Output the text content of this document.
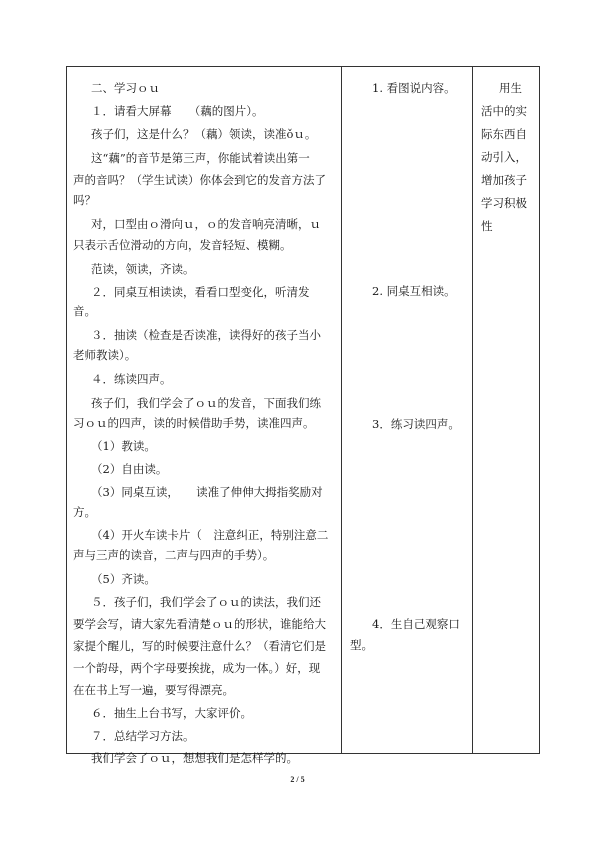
二、学习ｏｕ
１．请看大屏幕　　（藕的图片）。
孩子们，这是什么？（藕）领读，读准ǒｕ。
这“藕”的音节是第三声，你能试着读出第一
声的音吗？（学生试读）你体会到它的发音方法了
吗？
对，口型由ｏ滑向ｕ，ｏ的发音响亮清晰，ｕ
只表示舌位滑动的方向，发音轻短、模糊。
范读，领读，齐读。
２．同桌互相读读，看看口型变化，听清发
音。
３．抽读（检查是否读准，读得好的孩子当小
老师教读）。
４．练读四声。
孩子们，我们学会了ｏｕ的发音，下面我们练
习ｏｕ的四声，读的时候借助手势，读准四声。
（1）教读。
（2）自由读。
（3）同桌互读，　　读准了伸伸大拇指奖励对
方。
（4）开火车读卡片（　注意纠正，特别注意二
声与三声的读音，二声与四声的手势）。
（5）齐读。
５．孩子们，我们学会了ｏｕ的读法，我们还
要学会写，请大家先看清楚ｏｕ的形状，谁能给大
家提个醒儿，写的时候要注意什么？（看清它们是
一个韵母，两个字母要挨拢，成为一体。）好，现
在在书上写一遍，要写得漂亮。
６．抽生上台书写，大家评价。
７．总结学习方法。
我们学会了ｏｕ，想想我们是怎样学的。

1. 看图说内容。
2. 同桌互相读。
3．练习读四声。
4．生自己观察口
型。

用生
活中的实
际东西自
动引入，
增加孩子
学习积极
性
2 / 5
